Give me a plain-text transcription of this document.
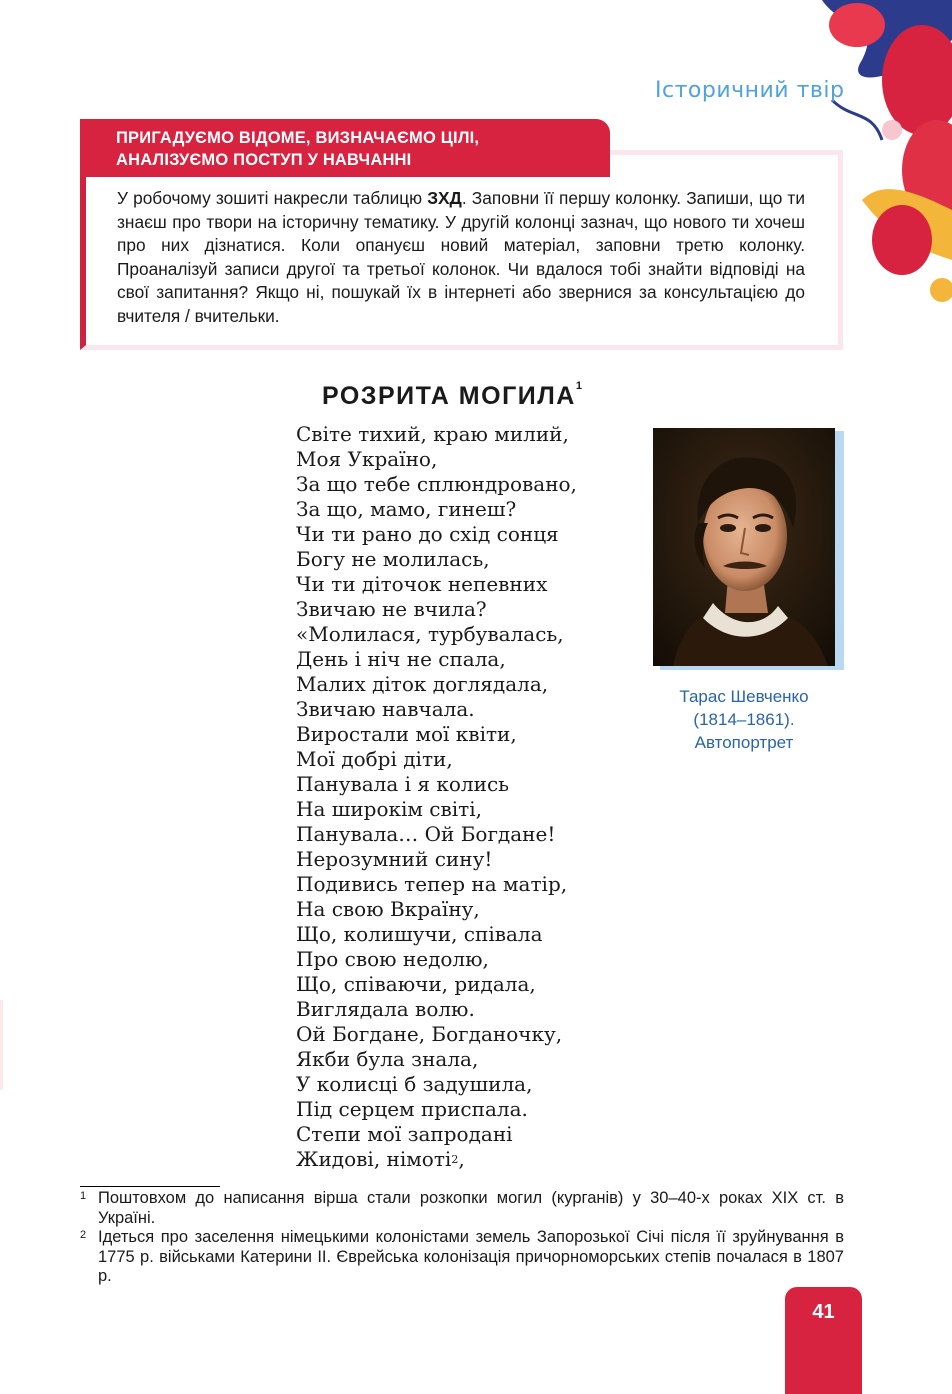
Історичний твір
ПРИГАДУЄМО ВІДОМЕ, ВИЗНАЧАЄМО ЦІЛІ,
АНАЛІЗУЄМО ПОСТУП У НАВЧАННІ
У робочому зошиті накресли таблицю ЗХД. Заповни її першу колонку. Запиши, що ти знаєш про твори на історичну тематику. У другій колонці зазнач, що нового ти хочеш про них дізнатися. Коли опануєш новий матеріал, заповни третю колонку. Проаналізуй записи другої та третьої колонок. Чи вдалося тобі знайти відповіді на свої запитання? Якщо ні, пошукай їх в інтернеті або звернися за консультацією до вчителя / вчительки.
РОЗРИТА МОГИЛА$^1$
Світе тихий, краю милий,
Моя Україно,
За що тебе сплюндровано,
За що, мамо, гинеш?
Чи ти рано до схід сонця
Богу не молилась,
Чи ти діточок непевних
Звичаю не вчила?
«Молилася, турбувалась,
День і ніч не спала,
Малих діток доглядала,
Звичаю навчала.
Виростали мої квіти,
Мої добрі діти,
Панувала і я колись
На широкім світі,
Панувала… Ой Богдане!
Нерозумний сину!
Подивись тепер на матір,
На свою Вкраїну,
Що, колишучи, співала
Про свою недолю,
Що, співаючи, ридала,
Виглядала волю.
Ой Богдане, Богданочку,
Якби була знала,
У колисці б задушила,
Під серцем приспала.
Степи мої запродані
Жидові, німоті$^2$,
Тарас Шевченко
(1814–1861).
Автопортрет
1 Поштовхом до написання вірша стали розкопки могил (курганів) у 30–40-х роках XIX ст. в Україні.
2 Ідеться про заселення німецькими колоністами земель Запорозької Січі після її зруйнування в 1775 р. військами Катерини II. Єврейська колонізація причорноморських степів почалася в 1807 р.
41
